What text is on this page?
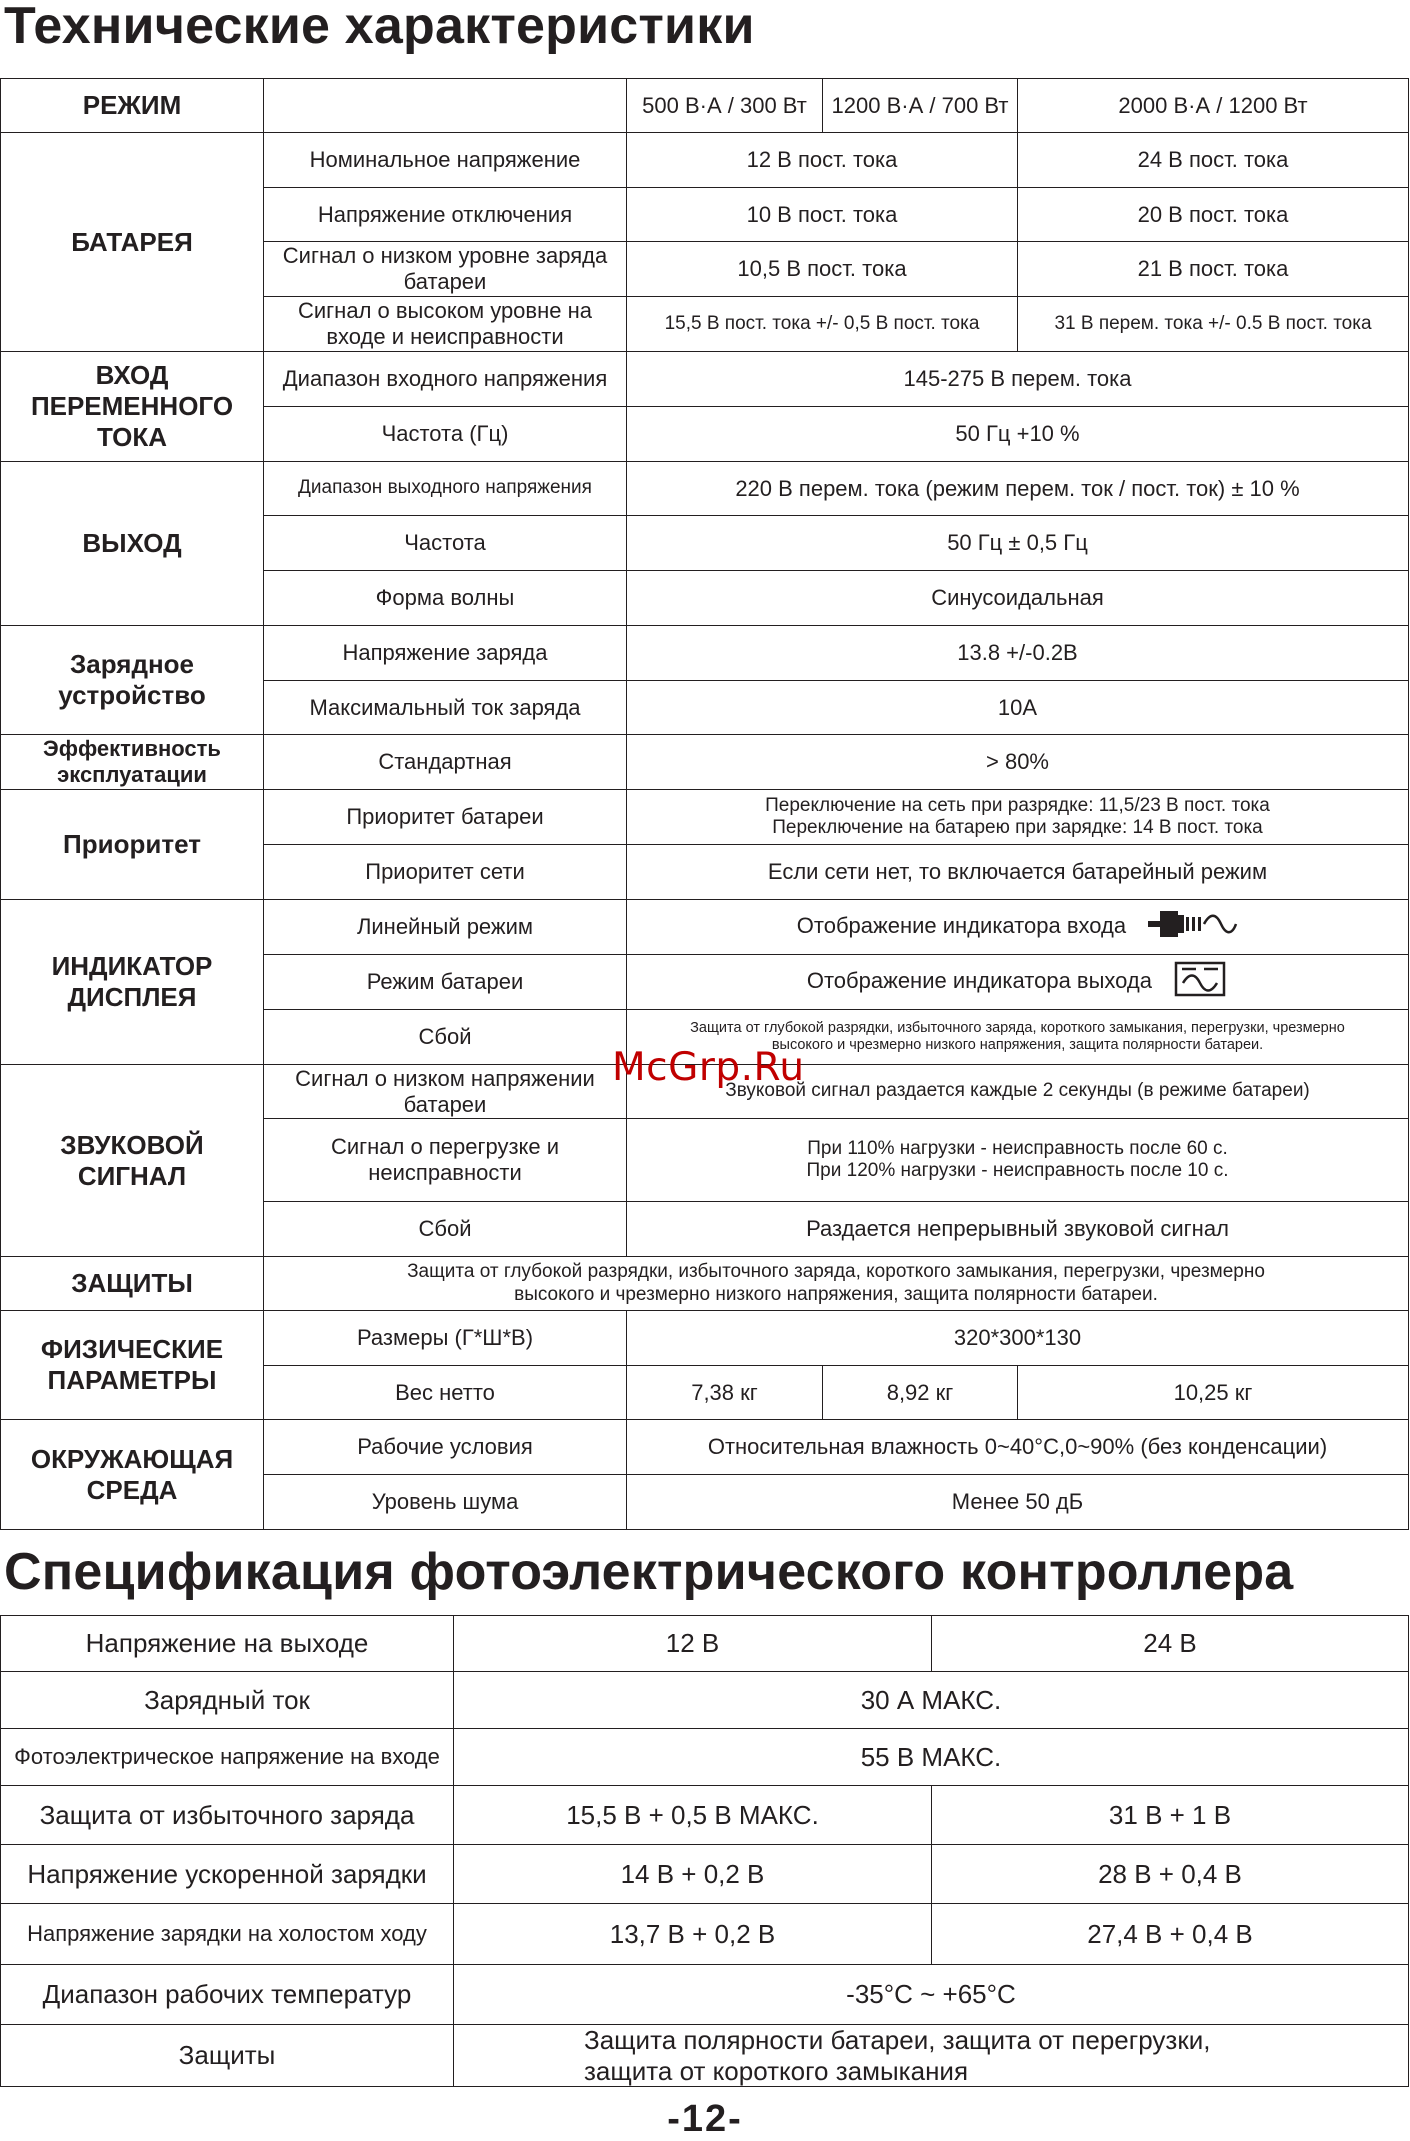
Технические характеристики
РЕЖИМ		500 В·А / 300 Вт	1200 В·А / 700 Вт	2000 В·А / 1200 Вт
БАТАРЕЯ	Номинальное напряжение	12 В пост. тока		24 В пост. тока
	Напряжение отключения	10 В пост. тока		20 В пост. тока
	Сигнал о низком уровне заряда батареи	10,5 В пост. тока		21 В пост. тока
	Сигнал о высоком уровне на входе и неисправности	15,5 В пост. тока +/- 0,5 В пост. тока		31 В перем. тока +/- 0.5 В пост. тока
ВХОД ПЕРЕМЕННОГО ТОКА	Диапазон входного напряжения	145-275 В перем. тока		
	Частота (Гц)	50 Гц +10 %		
ВЫХОД	Диапазон выходного напряжения	220 В перем. тока (режим перем. ток / пост. ток) ± 10 %		
	Частота	50 Гц ± 0,5 Гц		
	Форма волны	Синусоидальная		
Зарядное устройство	Напряжение заряда	13.8 +/-0.2В		
	Максимальный ток заряда	10A		
Эффективность эксплуатации	Стандартная	> 80%		
Приоритет	Приоритет батареи	Переключение на сеть при разрядке: 11,5/23 В пост. тока
Переключение на батарею при зарядке: 14 В пост. тока		

	Приоритет сети	Если сети нет, то включается батарейный режим		
ИНДИКАТОР ДИСПЛЕЯ	Линейный режим	Отображение индикатора входа		
	Режим батареи	Отображение индикатора выхода		
	Сбой	Защита от глубокой разрядки, избыточного заряда, короткого замыкания, перегрузки, чрезмерно
высокого и чрезмерно низкого напряжения, защита полярности батареи.		

ЗВУКОВОЙ СИГНАЛ	Сигнал о низком напряжении батареи	Звуковой сигнал раздается каждые 2 секунды (в режиме батареи)		
	Сигнал о перегрузке и неисправности	При 110% нагрузки - неисправность после 60 с.
При 120% нагрузки - неисправность после 10 с.		

	Сбой	Раздается непрерывный звуковой сигнал		
ЗАЩИТЫ	Защита от глубокой разрядки, избыточного заряда, короткого замыкания, перегрузки, чрезмерно
высокого и чрезмерно низкого напряжения, защита полярности батареи.			

ФИЗИЧЕСКИЕ ПАРАМЕТРЫ	Размеры (Г*Ш*В)	320*300*130		
	Вес нетто	7,38 кг	8,92 кг	10,25 кг
ОКРУЖАЮЩАЯ СРЕДА	Рабочие условия	Относительная влажность 0~40°C,0~90% (без конденсации)		
	Уровень шума	Менее 50 дБ		
McGrp.Ru
Спецификация фотоэлектрического контроллера
Напряжение на выходе	12 В	24 В
Зарядный ток	30 А МАКС.	
Фотоэлектрическое напряжение на входе	55 В МАКС.	
Защита от избыточного заряда	15,5 В + 0,5 В МАКС.	31 В + 1 В
Напряжение ускоренной зарядки	14 В + 0,2 В	28 В + 0,4 В
Напряжение зарядки на холостом ходу	13,7 В + 0,2 В	27,4 В + 0,4 В
Диапазон рабочих температур	-35°C ~ +65°C	
Защиты	Защита полярности батареи, защита от перегрузки,
защита от короткого замыкания	
-12-
